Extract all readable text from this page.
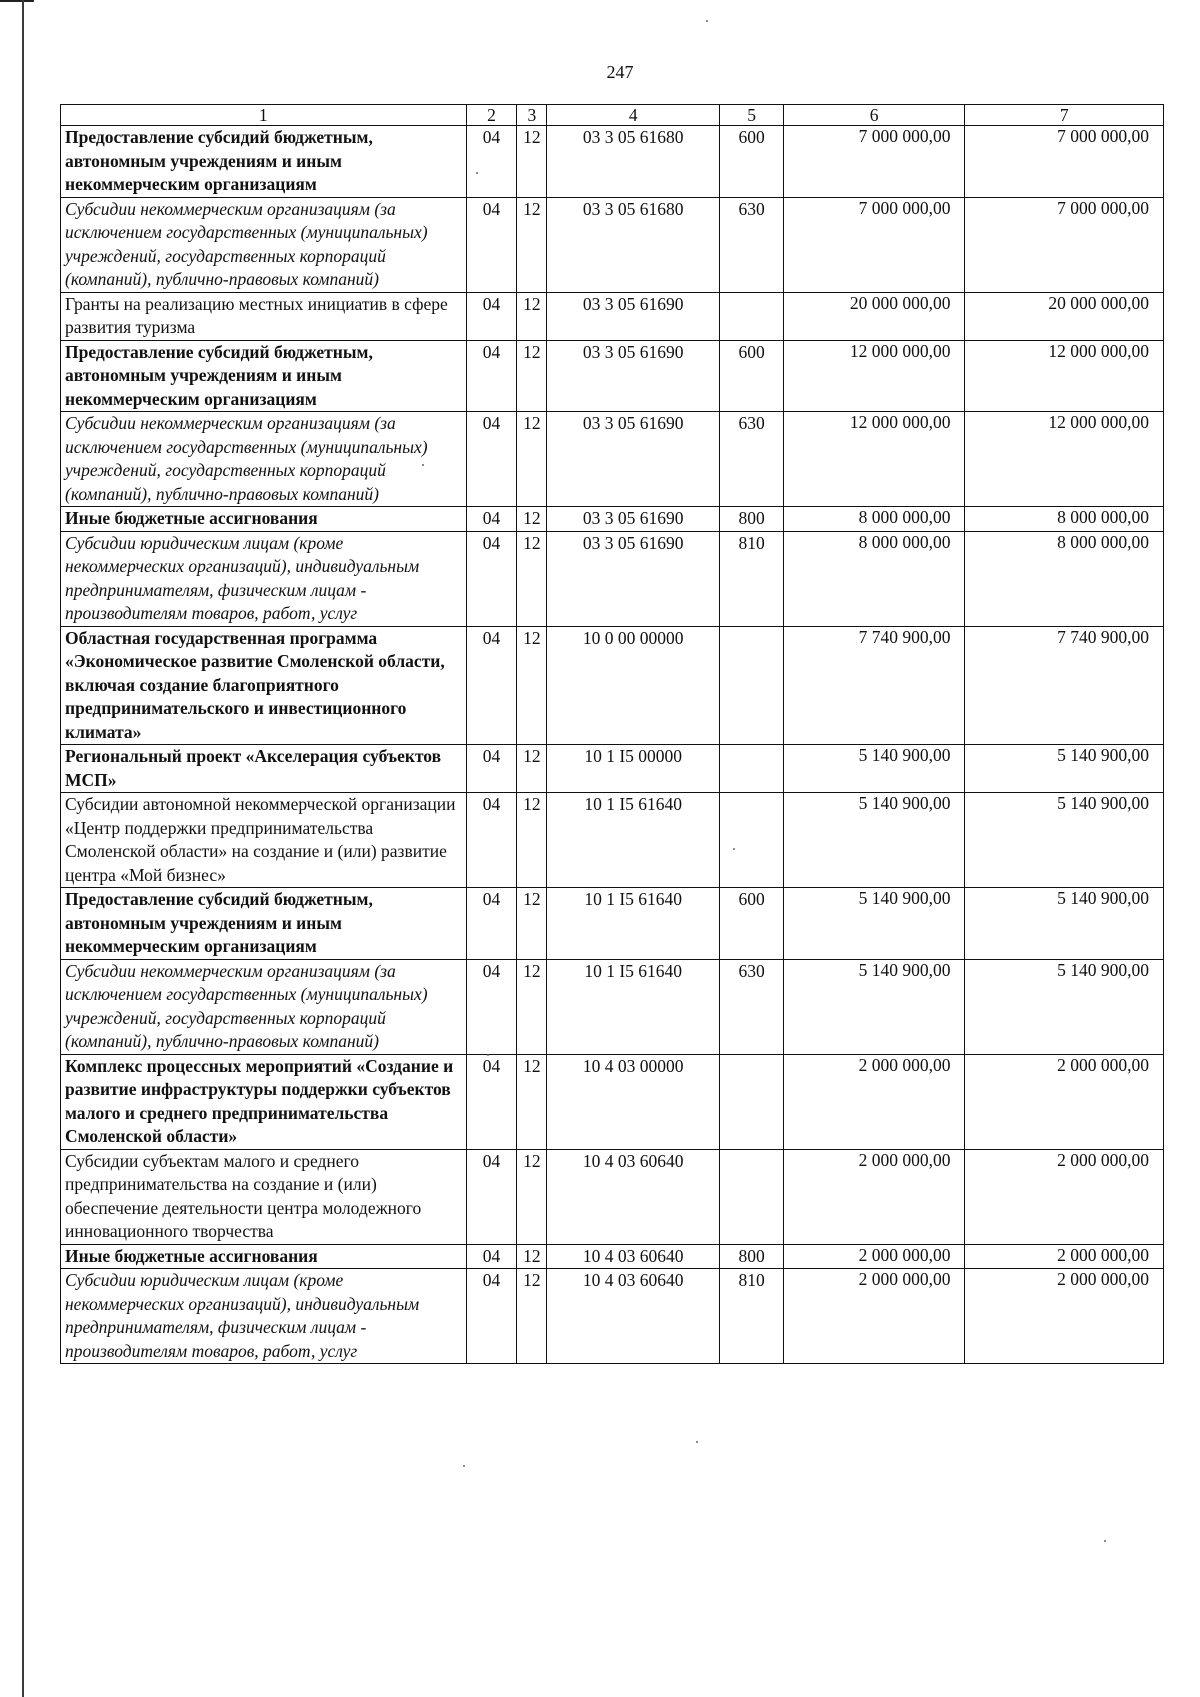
247
1	2	3	4	5	6	7
Предоставление субсидий бюджетным, автономным учреждениям и иным некоммерческим организациям	04	12	03 3 05 61680	600	7 000 000,00	7 000 000,00
Субсидии некоммерческим организациям (за исключением государственных (муниципальных) учреждений, государственных корпораций (компаний), публично-правовых компаний)	04	12	03 3 05 61680	630	7 000 000,00	7 000 000,00
Гранты на реализацию местных инициатив в сфере развития туризма	04	12	03 3 05 61690		20 000 000,00	20 000 000,00
Предоставление субсидий бюджетным, автономным учреждениям и иным некоммерческим организациям	04	12	03 3 05 61690	600	12 000 000,00	12 000 000,00
Субсидии некоммерческим организациям (за исключением государственных (муниципальных) учреждений, государственных корпораций (компаний), публично-правовых компаний)	04	12	03 3 05 61690	630	12 000 000,00	12 000 000,00
Иные бюджетные ассигнования	04	12	03 3 05 61690	800	8 000 000,00	8 000 000,00
Субсидии юридическим лицам (кроме некоммерческих организаций), индивидуальным предпринимателям, физическим лицам - производителям товаров, работ, услуг	04	12	03 3 05 61690	810	8 000 000,00	8 000 000,00
Областная государственная программа «Экономическое развитие Смоленской области, включая создание благоприятного предпринимательского и инвестиционного климата»	04	12	10 0 00 00000		7 740 900,00	7 740 900,00
Региональный проект «Акселерация субъектов МСП»	04	12	10 1 I5 00000		5 140 900,00	5 140 900,00
Субсидии автономной некоммерческой организации «Центр поддержки предпринимательства Смоленской области» на создание и (или) развитие центра «Мой бизнес»	04	12	10 1 I5 61640		5 140 900,00	5 140 900,00
Предоставление субсидий бюджетным, автономным учреждениям и иным некоммерческим организациям	04	12	10 1 I5 61640	600	5 140 900,00	5 140 900,00
Субсидии некоммерческим организациям (за исключением государственных (муниципальных) учреждений, государственных корпораций (компаний), публично-правовых компаний)	04	12	10 1 I5 61640	630	5 140 900,00	5 140 900,00
Комплекс процессных мероприятий «Создание и развитие инфраструктуры поддержки субъектов малого и среднего предпринимательства Смоленской области»	04	12	10 4 03 00000		2 000 000,00	2 000 000,00
Субсидии субъектам малого и среднего предпринимательства на создание и (или) обеспечение деятельности центра молодежного инновационного творчества	04	12	10 4 03 60640		2 000 000,00	2 000 000,00
Иные бюджетные ассигнования	04	12	10 4 03 60640	800	2 000 000,00	2 000 000,00
Субсидии юридическим лицам (кроме некоммерческих организаций), индивидуальным предпринимателям, физическим лицам - производителям товаров, работ, услуг	04	12	10 4 03 60640	810	2 000 000,00	2 000 000,00
